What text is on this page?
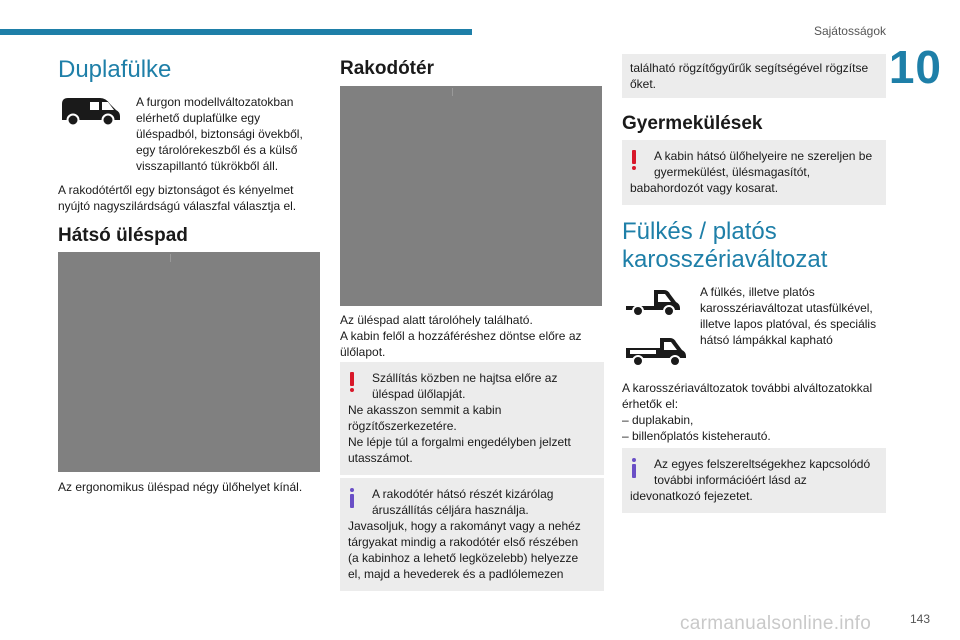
Sajátosságok
10
Duplafülke
A furgon modellváltozatokban
elérhető duplafülke egy
üléspadból, biztonsági övekből,
egy tárolórekeszből és a külső
visszapillantó tükrökből áll.
A rakodótértől egy biztonságot és kényelmet
nyújtó nagyszilárdságú válaszfal választja el.
Hátsó üléspad
Az ergonomikus üléspad négy ülőhelyet kínál.
Rakodótér
Az üléspad alatt tárolóhely található.
A kabin felől a hozzáféréshez döntse előre az
ülőlapot.
Szállítás közben ne hajtsa előre az
üléspad ülőlapját.
Ne akasszon semmit a kabin
rögzítőszerkezetére.
Ne lépje túl a forgalmi engedélyben jelzett
utasszámot.
A rakodótér hátsó részét kizárólag
áruszállítás céljára használja.
Javasoljuk, hogy a rakományt vagy a nehéz
tárgyakat mindig a rakodótér első részében
(a kabinhoz a lehető legközelebb) helyezze
el, majd a hevederek és a padlólemezen
található rögzítőgyűrűk segítségével rögzítse
őket.
Gyermekülések
A kabin hátsó ülőhelyeire ne szereljen be
gyermekülést, ülésmagasítót,
babahordozót vagy kosarat.
Fülkés / platós
karosszériaváltozat
A fülkés, illetve platós
karosszériaváltozat utasfülkével,
illetve lapos platóval, és speciális
hátsó lámpákkal kapható
A karosszériaváltozatok további alváltozatokkal
érhetők el:
– duplakabin,
– billenőplatós kisteherautó.
Az egyes felszereltségekhez kapcsolódó
további információért lásd az
idevonatkozó fejezetet.
carmanualsonline.info	143
